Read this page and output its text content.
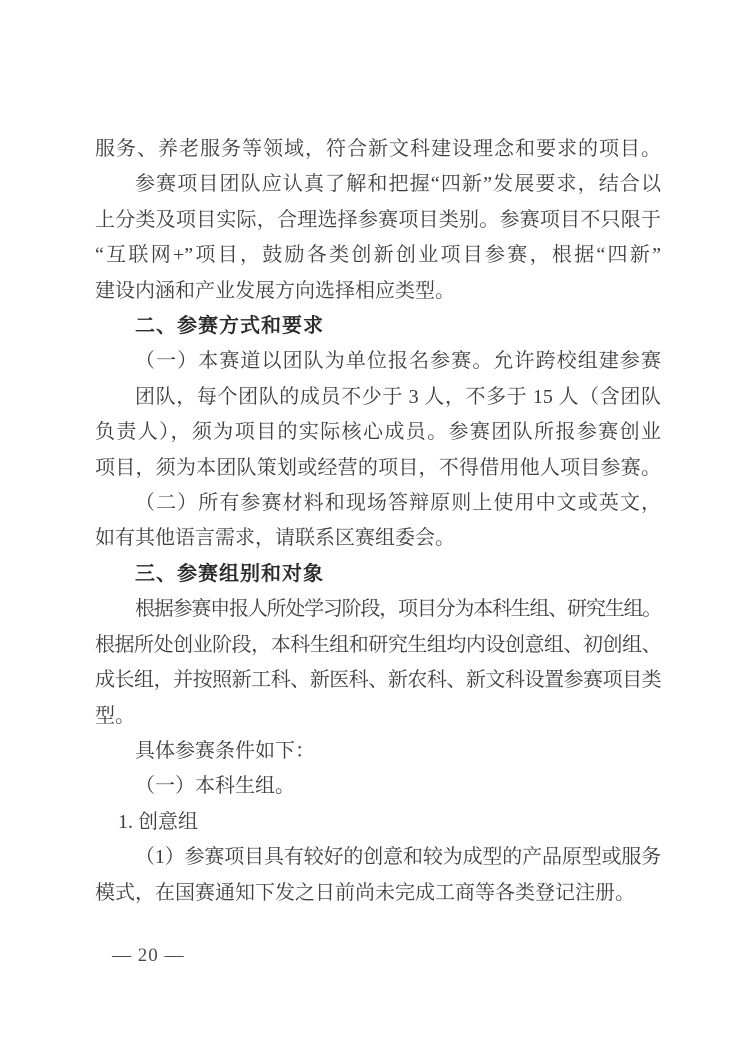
服务、养老服务等领域，符合新文科建设理念和要求的项目。
参赛项目团队应认真了解和把握“四新”发展要求，结合以
上分类及项目实际，合理选择参赛项目类别。参赛项目不只限于
“互联网+”项目，鼓励各类创新创业项目参赛，根据“四新”
建设内涵和产业发展方向选择相应类型。
二、参赛方式和要求
（一）本赛道以团队为单位报名参赛。允许跨校组建参赛
团队，每个团队的成员不少于 3 人，不多于 15 人（含团队
负责人），须为项目的实际核心成员。参赛团队所报参赛创业
项目，须为本团队策划或经营的项目，不得借用他人项目参赛。
（二）所有参赛材料和现场答辩原则上使用中文或英文，
如有其他语言需求，请联系区赛组委会。
三、参赛组别和对象
根据参赛申报人所处学习阶段，项目分为本科生组、研究生组。
根据所处创业阶段，本科生组和研究生组均内设创意组、初创组、
成长组，并按照新工科、新医科、新农科、新文科设置参赛项目类
型。
具体参赛条件如下：
（一）本科生组。
1. 创意组
（1）参赛项目具有较好的创意和较为成型的产品原型或服务
模式，在国赛通知下发之日前尚未完成工商等各类登记注册。
— 20 —
